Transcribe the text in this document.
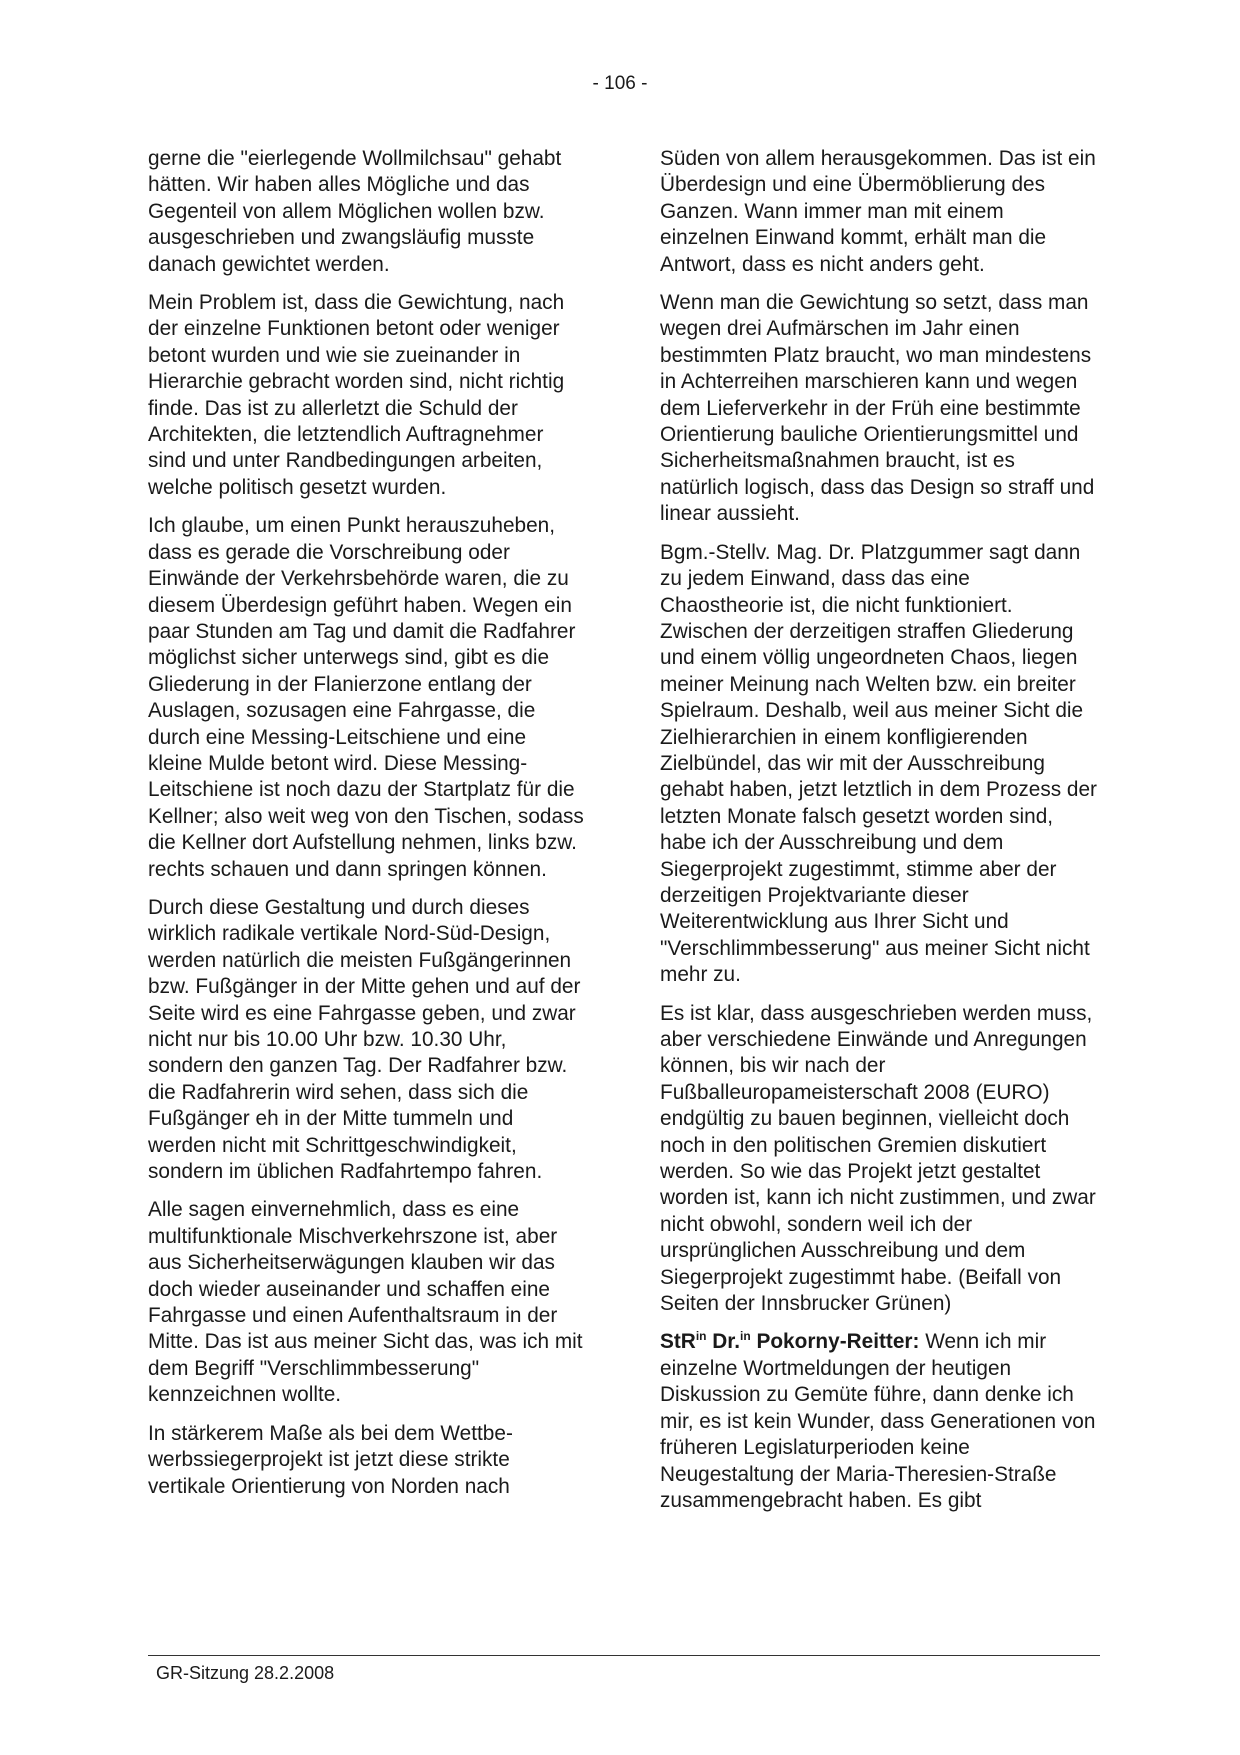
- 106 -

gerne die "eierlegende Wollmilchsau" gehabt hätten. Wir haben alles Mögliche und das Gegenteil von allem Möglichen wollen bzw. ausgeschrieben und zwangsläufig musste danach gewichtet werden.

Mein Problem ist, dass die Gewichtung, nach der einzelne Funktionen betont oder weniger betont wurden und wie sie zueinander in Hierarchie gebracht worden sind, nicht richtig finde. Das ist zu allerletzt die Schuld der Architekten, die letztendlich Auftragnehmer sind und unter Randbedingungen arbeiten, welche politisch gesetzt wurden.

Ich glaube, um einen Punkt herauszuheben, dass es gerade die Vorschreibung oder Einwände der Verkehrsbehörde waren, die zu diesem Überdesign geführt haben. Wegen ein paar Stunden am Tag und damit die Radfahrer möglichst sicher unterwegs sind, gibt es die Gliederung in der Flanierzone entlang der Auslagen, sozusagen eine Fahrgasse, die durch eine Messing-Leitschiene und eine kleine Mulde betont wird. Diese Messing-Leitschiene ist noch dazu der Startplatz für die Kellner; also weit weg von den Tischen, sodass die Kellner dort Aufstellung nehmen, links bzw. rechts schauen und dann springen können.

Durch diese Gestaltung und durch dieses wirklich radikale vertikale Nord-Süd-Design, werden natürlich die meisten Fußgängerinnen bzw. Fußgänger in der Mitte gehen und auf der Seite wird es eine Fahrgasse geben, und zwar nicht nur bis 10.00 Uhr bzw. 10.30 Uhr, sondern den ganzen Tag. Der Radfahrer bzw. die Radfahrerin wird sehen, dass sich die Fußgänger eh in der Mitte tummeln und werden nicht mit Schrittgeschwindigkeit, sondern im üblichen Radfahrtempo fahren.

Alle sagen einvernehmlich, dass es eine multifunktionale Mischverkehrszone ist, aber aus Sicherheitserwägungen klauben wir das doch wieder auseinander und schaffen eine Fahrgasse und einen Aufenthaltsraum in der Mitte. Das ist aus meiner Sicht das, was ich mit dem Begriff "Verschlimmbesserung" kennzeichnen wollte.

In stärkerem Maße als bei dem Wettbewerbssiegerprojekt ist jetzt diese strikte vertikale Orientierung von Norden nach

Süden von allem herausgekommen. Das ist ein Überdesign und eine Übermöblierung des Ganzen. Wann immer man mit einem einzelnen Einwand kommt, erhält man die Antwort, dass es nicht anders geht.

Wenn man die Gewichtung so setzt, dass man wegen drei Aufmärschen im Jahr einen bestimmten Platz braucht, wo man mindestens in Achterreihen marschieren kann und wegen dem Lieferverkehr in der Früh eine bestimmte Orientierung bauliche Orientierungsmittel und Sicherheitsmaßnahmen braucht, ist es natürlich logisch, dass das Design so straff und linear aussieht.

Bgm.-Stellv. Mag. Dr. Platzgummer sagt dann zu jedem Einwand, dass das eine Chaostheorie ist, die nicht funktioniert. Zwischen der derzeitigen straffen Gliederung und einem völlig ungeordneten Chaos, liegen meiner Meinung nach Welten bzw. ein breiter Spielraum. Deshalb, weil aus meiner Sicht die Zielhierarchien in einem konfligierenden Zielbündel, das wir mit der Ausschreibung gehabt haben, jetzt letztlich in dem Prozess der letzten Monate falsch gesetzt worden sind, habe ich der Ausschreibung und dem Siegerprojekt zugestimmt, stimme aber der derzeitigen Projektvariante dieser Weiterentwicklung aus Ihrer Sicht und "Verschlimmbesserung" aus meiner Sicht nicht mehr zu.

Es ist klar, dass ausgeschrieben werden muss, aber verschiedene Einwände und Anregungen können, bis wir nach der Fußballeuropameisterschaft 2008 (EURO) endgültig zu bauen beginnen, vielleicht doch noch in den politischen Gremien diskutiert werden. So wie das Projekt jetzt gestaltet worden ist, kann ich nicht zustimmen, und zwar nicht obwohl, sondern weil ich der ursprünglichen Ausschreibung und dem Siegerprojekt zugestimmt habe. (Beifall von Seiten der Innsbrucker Grünen)

StR$^{in}$ Dr.$^{in}$ Pokorny-Reitter: Wenn ich mir einzelne Wortmeldungen der heutigen Diskussion zu Gemüte führe, dann denke ich mir, es ist kein Wunder, dass Generationen von früheren Legislaturperioden keine Neugestaltung der Maria-Theresien-Straße zusammengebracht haben. Es gibt

GR-Sitzung 28.2.2008
